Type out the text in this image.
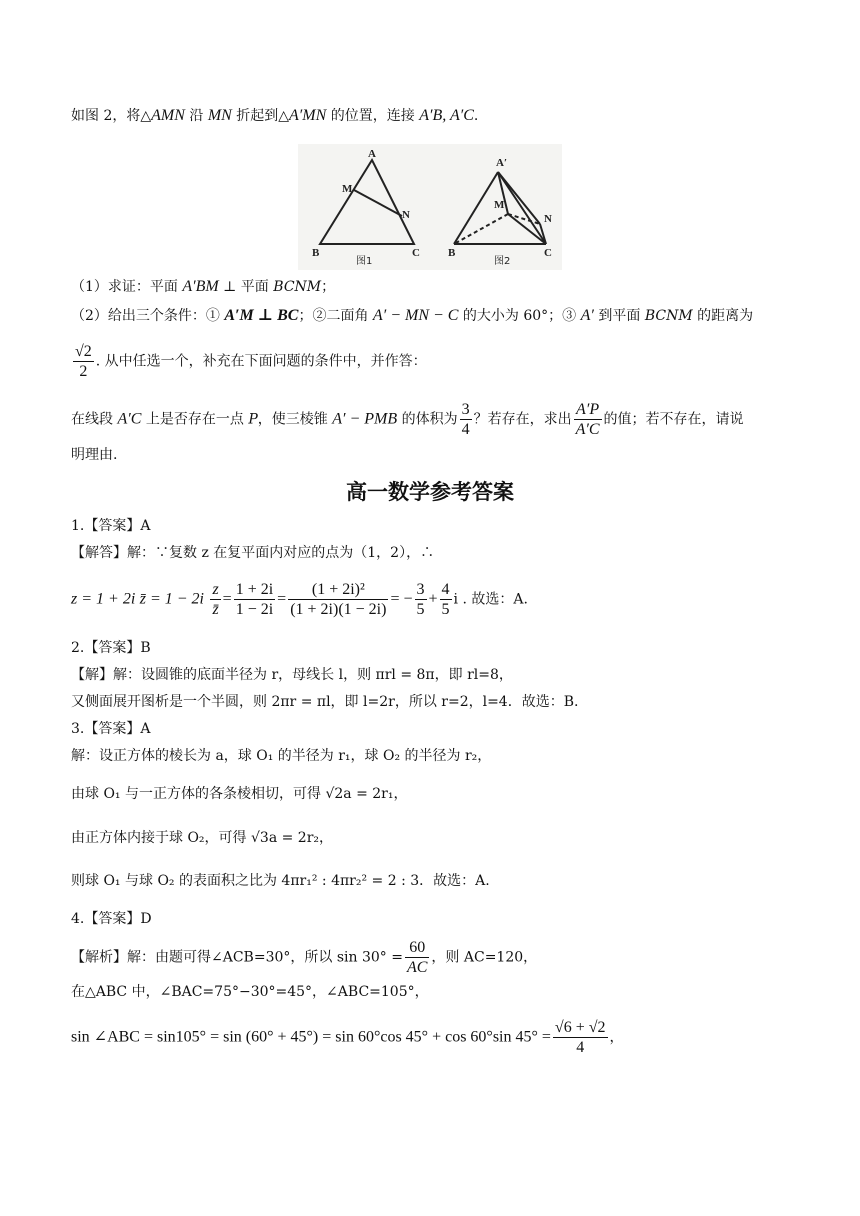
如图 2，将△AMN 沿 MN 折起到△A′MN 的位置，连接 A′B, A′C.
A
M
N
B	C
A′
M
N
B	C
图1	图2
（1）求证：平面 A′BM ⊥ 平面 BCNM；
（2）给出三个条件：① A′M ⊥ BC；②二面角 A′ − MN − C 的大小为 60°；③ A′ 到平面 BCNM 的距离为
$\frac{√2}{2}$ . 从中任选一个，补充在下面问题的条件中，并作答：
在线段 A′C 上是否存在一点 P，使三棱锥 A′ − PMB 的体积为 $\frac{3}{4}$ ？若存在，求出 $\frac{A'P}{A'C}$ 的值；若不存在，请说
明理由.
高一数学参考答案
1.【答案】A
【解答】解：∵复数 z 在复平面内对应的点为（1，2），∴
z = 1 + 2i z̄ = $1 - 2i \frac{z}{z̄} = \frac{1 + 2i}{1 - 2i} = \frac{\text{(1 + 2i)²}}{(1 + 2i)(1 - 2i)}$ = − $\frac{3}{5} + \frac{4}{5}$ i . 故选：A.
2.【答案】B
【解】解：设圆锥的底面半径为 r，母线长 l，则 πrl = 8π，即 rl=8，
又侧面展开图析是一个半圆，则 2πr = πl，即 l=2r，所以 r=2，l=4．故选：B.
3.【答案】A
解：设正方体的棱长为 a，球 O₁ 的半径为 r₁，球 O₂ 的半径为 r₂，
由球 O₁ 与一正方体的各条棱相切，可得 √2a = 2r₁，
由正方体内接于球 O₂，可得 √3a = 2r₂，
则球 O₁ 与球 O₂ 的表面积之比为 4πr₁² : 4πr₂² = 2 : 3．故选：A.
4.【答案】D
【解析】解：由题可得∠ACB=30°，所以 $\sin 30^\circ = \frac{60}{AC}$ ，则 AC=120，
在△ABC 中，∠BAC=75°−30°=45°，∠ABC=105°，
sin ∠ABC = sin105° = sin (60° + 45°) = sin 60°cos 45° + cos 60°sin $45^\circ = \frac{√6 + √2}{4}$ ，
